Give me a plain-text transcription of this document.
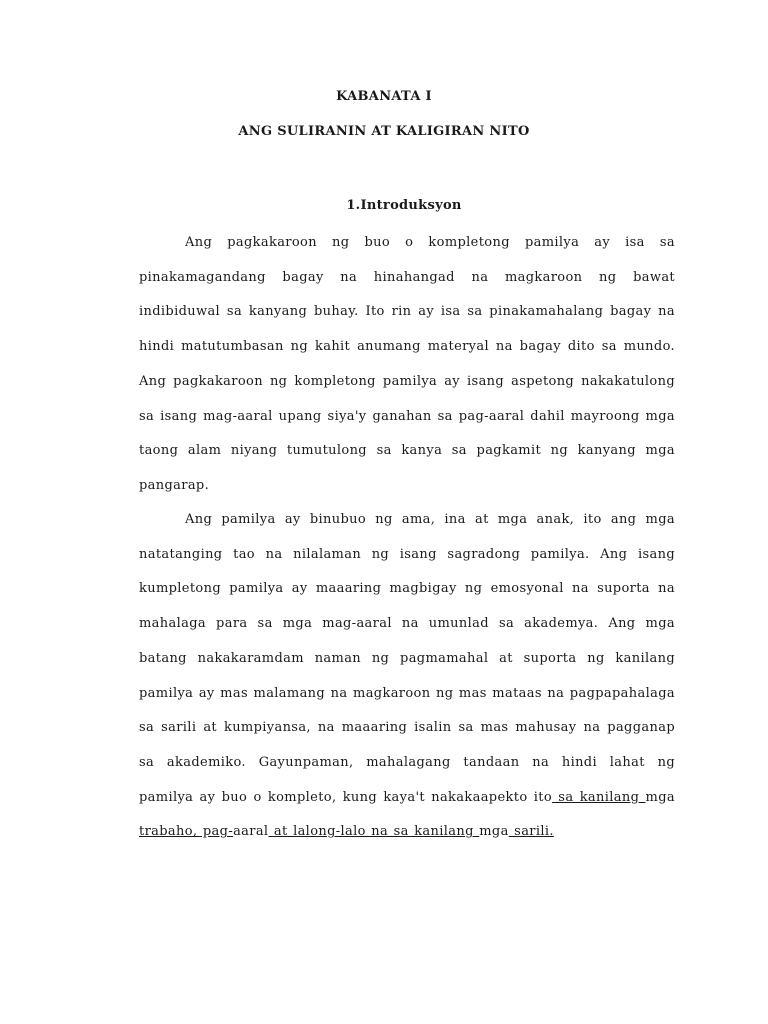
KABANATA I
ANG SULIRANIN AT KALIGIRAN NITO
1.Introduksyon

Ang pagkakaroon ng buo o kompletong pamilya ay isa sa pinakamagandang bagay na hinahangad na magkaroon ng bawat indibiduwal sa kanyang buhay. Ito rin ay isa sa pinakamahalang bagay na hindi matutumbasan ng kahit anumang materyal na bagay dito sa mundo. Ang pagkakaroon ng kompletong pamilya ay isang aspetong nakakatulong sa isang mag-aaral upang siya'y ganahan sa pag-aaral dahil mayroong mga taong alam niyang tumutulong sa kanya sa pagkamit ng kanyang mga pangarap.

Ang pamilya ay binubuo ng ama, ina at mga anak, ito ang mga natatanging tao na nilalaman ng isang sagradong pamilya. Ang isang kumpletong pamilya ay maaaring magbigay ng emosyonal na suporta na mahalaga para sa mga mag-aaral na umunlad sa akademya. Ang mga batang nakakaramdam naman ng pagmamahal at suporta ng kanilang pamilya ay mas malamang na magkaroon ng mas mataas na pagpapahalaga sa sarili at kumpiyansa, na maaaring isalin sa mas mahusay na pagganap sa akademiko. Gayunpaman, mahalagang tandaan na hindi lahat ng pamilya ay buo o kompleto, kung kaya't nakakaapekto ito sa kanilang mga trabaho, pag-aaral at lalong-lalo na sa kanilang mga sarili.
